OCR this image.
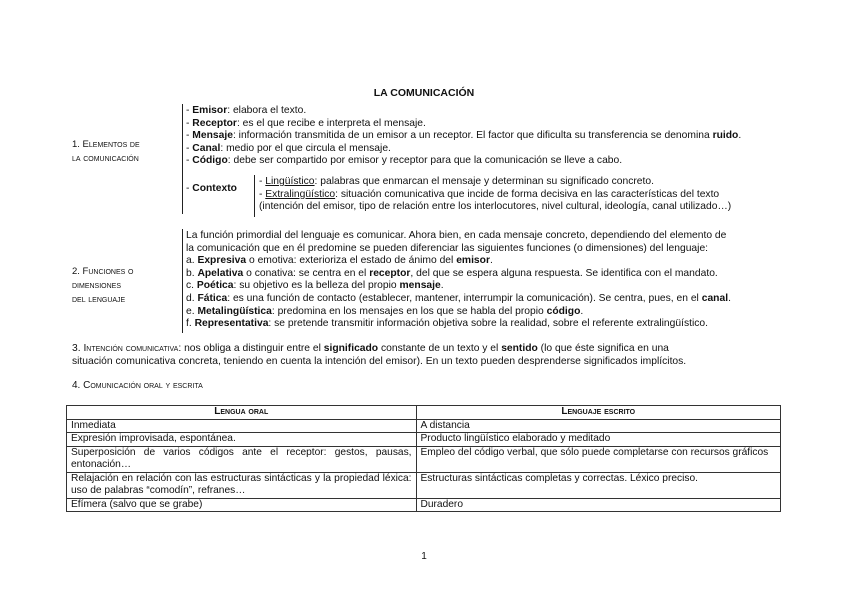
LA COMUNICACIÓN
1. Elementos de
la comunicación
- Emisor: elabora el texto.
- Receptor: es el que recibe e interpreta el mensaje.
- Mensaje: información transmitida de un emisor a un receptor. El factor que dificulta su transferencia se denomina ruido.
- Canal: medio por el que circula el mensaje.
- Código: debe ser compartido por emisor y receptor para que la comunicación se lleve a cabo.
- Contexto
- Lingüístico: palabras que enmarcan el mensaje y determinan su significado concreto.
- Extralingüístico: situación comunicativa que incide de forma decisiva en las características del texto
(intención del emisor, tipo de relación entre los interlocutores, nivel cultural, ideología, canal utilizado…)
2. Funciones o
dimensiones
del lenguaje
La función primordial del lenguaje es comunicar. Ahora bien, en cada mensaje concreto, dependiendo del elemento de
la comunicación que en él predomine se pueden diferenciar las siguientes funciones (o dimensiones) del lenguaje:
a. Expresiva o emotiva: exterioriza el estado de ánimo del emisor.
b. Apelativa o conativa: se centra en el receptor, del que se espera alguna respuesta. Se identifica con el mandato.
c. Poética: su objetivo es la belleza del propio mensaje.
d. Fática: es una función de contacto (establecer, mantener, interrumpir la comunicación). Se centra, pues, en el canal.
e. Metalingüística: predomina en los mensajes en los que se habla del propio código.
f. Representativa: se pretende transmitir información objetiva sobre la realidad, sobre el referente extralingüístico.
3. Intención comunicativa: nos obliga a distinguir entre el significado constante de un texto y el sentido (lo que éste significa en una
situación comunicativa concreta, teniendo en cuenta la intención del emisor). En un texto pueden desprenderse significados implícitos.
4. Comunicación oral y escrita
Lengua oral	Lenguaje escrito
Inmediata	A distancia
Expresión improvisada, espontánea.	Producto lingüístico elaborado y meditado
Superposición de varios códigos ante el receptor: gestos, pausas, entonación…	Empleo del código verbal, que sólo puede completarse con recursos gráficos
Relajación en relación con las estructuras sintácticas y la propiedad léxica: uso de palabras “comodín”, refranes…	Estructuras sintácticas completas y correctas. Léxico preciso.
Efímera (salvo que se grabe)	Duradero
1
